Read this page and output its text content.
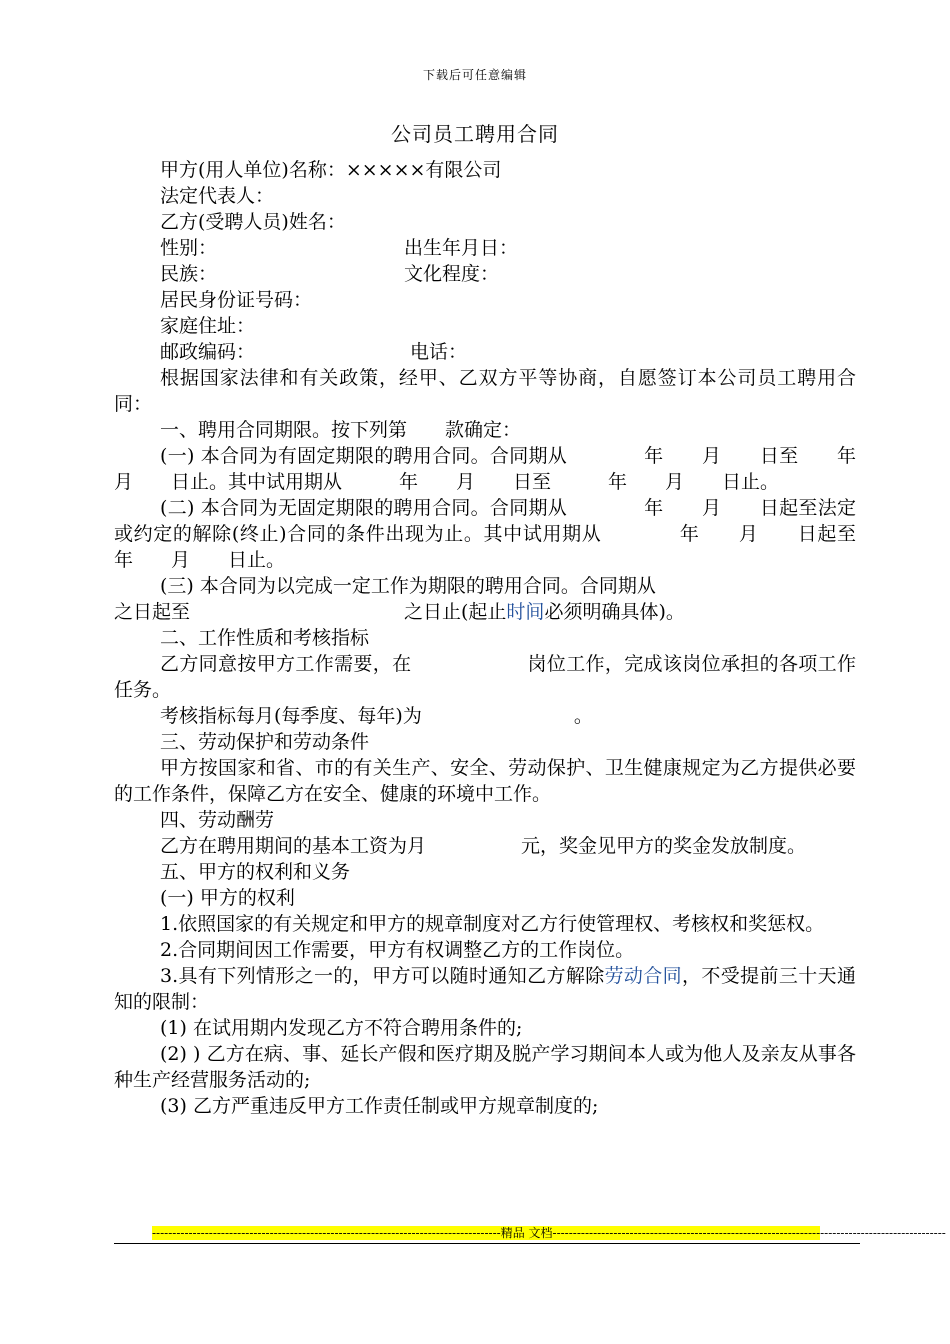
下载后可任意编辑
公司员工聘用合同

甲方(用人单位)名称：×××××有限公司

法定代表人：

乙方(受聘人员)姓名：

性别：	出生年月日：
民族：	文化程度：

居民身份证号码：

家庭住址：

邮政编码：	电话：

根据国家法律和有关政策，经甲、乙双方平等协商，自愿签订本公司员工聘用合同：

一、聘用合同期限。按下列第　　款确定：

(一) 本合同为有固定期限的聘用合同。合同期从　　　　年　　月　　日至　　年　　月　　日止。其中试用期从　　　年　　月　　日至　　　年　　月　　日止。

(二) 本合同为无固定期限的聘用合同。合同期从　　　　年　　月　　日起至法定或约定的解除(终止)合同的条件出现为止。其中试用期从　　　　年　　月　　日起至　　　　年　　月　　日止。

(三) 本合同为以完成一定工作为期限的聘用合同。合同期从

之日起至	之日止(起止时间必须明确具体)。

二、工作性质和考核指标

乙方同意按甲方工作需要，在　　　　　　岗位工作，完成该岗位承担的各项工作任务。

考核指标每月(每季度、每年)为　　　　　　　　。

三、劳动保护和劳动条件

甲方按国家和省、市的有关生产、安全、劳动保护、卫生健康规定为乙方提供必要的工作条件，保障乙方在安全、健康的环境中工作。

四、劳动酬劳

乙方在聘用期间的基本工资为月　　　　　元，奖金见甲方的奖金发放制度。

五、甲方的权利和义务

(一) 甲方的权利

1.依照国家的有关规定和甲方的规章制度对乙方行使管理权、考核权和奖惩权。

2.合同期间因工作需要，甲方有权调整乙方的工作岗位。

3.具有下列情形之一的，甲方可以随时通知乙方解除劳动合同，不受提前三十天通知的限制：

(1) 在试用期内发现乙方不符合聘用条件的;

(2) ) 乙方在病、事、延长产假和医疗期及脱产学习期间本人或为他人及亲友从事各种生产经营服务活动的;

(3) 乙方严重违反甲方工作责任制或甲方规章制度的;

--------------------------------------------------------------------------------------精品 文档-------------------------------------------------------------------------------------------------
